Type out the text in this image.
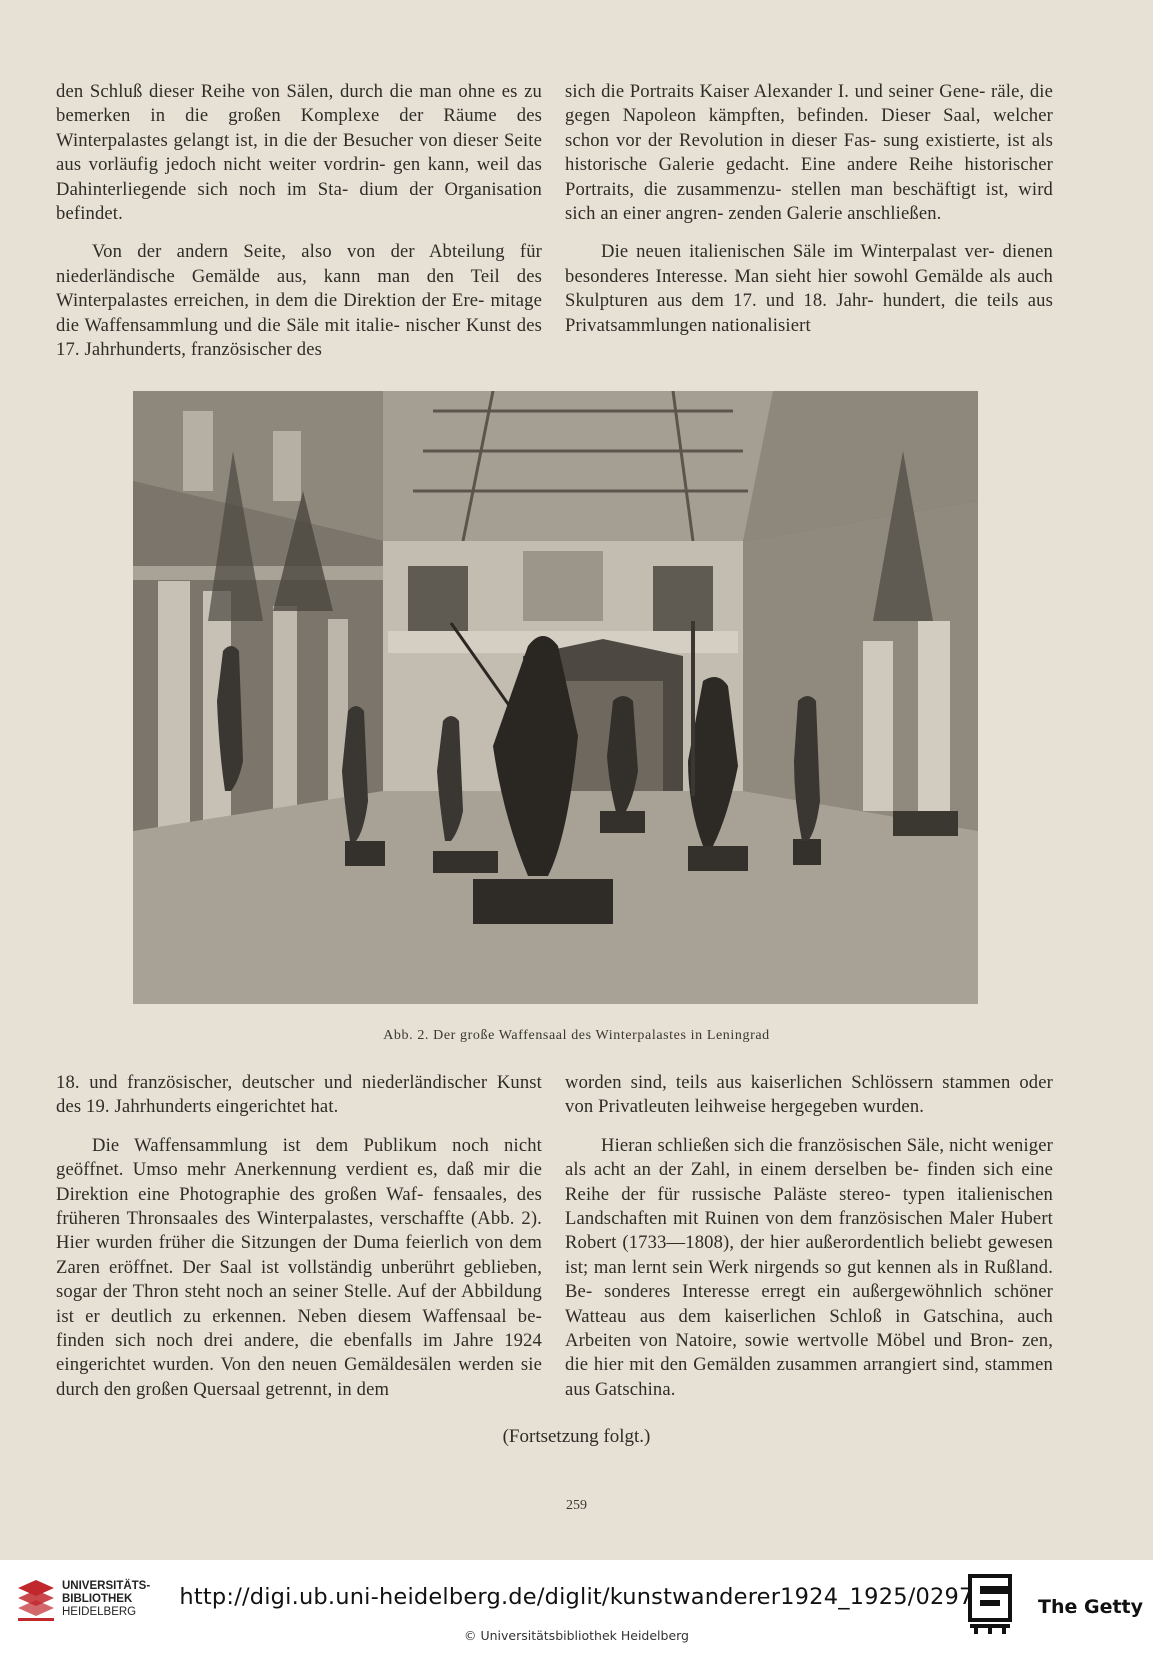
den Schluß dieser Reihe von Sälen, durch die man ohne es zu bemerken in die großen Komplexe der Räume des Winterpalastes gelangt ist, in die der Besucher von dieser Seite aus vorläufig jedoch nicht weiter vordrin- gen kann, weil das Dahinterliegende sich noch im Sta- dium der Organisation befindet.

Von der andern Seite, also von der Abteilung für niederländische Gemälde aus, kann man den Teil des Winterpalastes erreichen, in dem die Direktion der Ere- mitage die Waffensammlung und die Säle mit italie- nischer Kunst des 17. Jahrhunderts, französischer des

sich die Portraits Kaiser Alexander I. und seiner Gene- räle, die gegen Napoleon kämpften, befinden. Dieser Saal, welcher schon vor der Revolution in dieser Fas- sung existierte, ist als historische Galerie gedacht. Eine andere Reihe historischer Portraits, die zusammenzu- stellen man beschäftigt ist, wird sich an einer angren- zenden Galerie anschließen.

Die neuen italienischen Säle im Winterpalast ver- dienen besonderes Interesse. Man sieht hier sowohl Gemälde als auch Skulpturen aus dem 17. und 18. Jahr- hundert, die teils aus Privatsammlungen nationalisiert

Abb. 2. Der große Waffensaal des Winterpalastes in Leningrad

18. und französischer, deutscher und niederländischer Kunst des 19. Jahrhunderts eingerichtet hat.

Die Waffensammlung ist dem Publikum noch nicht geöffnet. Umso mehr Anerkennung verdient es, daß mir die Direktion eine Photographie des großen Waf- fensaales, des früheren Thronsaales des Winterpalastes, verschaffte (Abb. 2). Hier wurden früher die Sitzungen der Duma feierlich von dem Zaren eröffnet. Der Saal ist vollständig unberührt geblieben, sogar der Thron steht noch an seiner Stelle. Auf der Abbildung ist er deutlich zu erkennen. Neben diesem Waffensaal be- finden sich noch drei andere, die ebenfalls im Jahre 1924 eingerichtet wurden. Von den neuen Gemäldesälen werden sie durch den großen Quersaal getrennt, in dem

worden sind, teils aus kaiserlichen Schlössern stammen oder von Privatleuten leihweise hergegeben wurden.

Hieran schließen sich die französischen Säle, nicht weniger als acht an der Zahl, in einem derselben be- finden sich eine Reihe der für russische Paläste stereo- typen italienischen Landschaften mit Ruinen von dem französischen Maler Hubert Robert (1733—1808), der hier außerordentlich beliebt gewesen ist; man lernt sein Werk nirgends so gut kennen als in Rußland. Be- sonderes Interesse erregt ein außergewöhnlich schöner Watteau aus dem kaiserlichen Schloß in Gatschina, auch Arbeiten von Natoire, sowie wertvolle Möbel und Bron- zen, die hier mit den Gemälden zusammen arrangiert sind, stammen aus Gatschina.

(Fortsetzung folgt.)
259
UNIVERSITÄTS-
BIBLIOTHEK
HEIDELBERG
http://digi.ub.uni-heidelberg.de/diglit/kunstwanderer1924_1925/0297
© Universitätsbibliothek Heidelberg
The Getty
